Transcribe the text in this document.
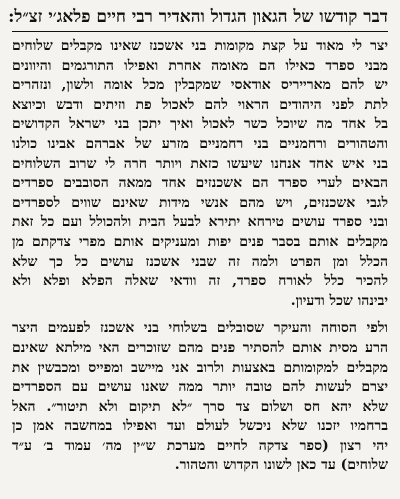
דבר קודשו של הגאון הגדול והאדיר רבי חיים פלאג׳י זצ״ל:
יצר לי מאוד על קצת מקומות בני אשכנז שאינו מקבלים שלוחים
מבני ספרד כאילו הם מאומה אחרת ואפילו התורגמים והיוונים
יש להם מארייריס אודאסי שמקבלין מכל אומה ולשון, ונזהרים
לתת לפני היהודים הראוי להם לאכול פת וזיתים ודבש וכיוצא
בל אחד מה שיוכל כשר לאכול ואיך יתכן בני ישראל הקדושים
והטהורים ורחמניים בני רחמניים מזרע של אברהם אבינו כולנו
בני איש אחד אנחנו שיעשו כזאת ויותר חרה לי שרוב השלוחים
הבאים לערי ספרד הם אשכנזים אחד ממאה הסובבים ספרדים
לגבי אשכנזים, ויש מהם אנשי מידות שאינם שווים לספרדים
ובני ספרד עושים טירחא יתירא לבעל הבית ולהכולל ועם כל זאת
מקבלים אותם בסבר פנים יפות ומעניקים אותם מפרי צדקתם מן
הכלל ומן הפרט ולמה זה שבני אשכנז עושים כל כך שלא
להכיר כלל לאורח ספרד, זה וודאי שאלה הפלא ופלא ולא
יבינהו שכל ודעיון.
ולפי הסוחה והעיקר שסובלים בשלוחי בני אשכנז לפעמים היצר
הרע מסית אותם להסתיר פנים מהם שזוכרים האי מילתא שאינם
מקבלים למקומותם באצעות ולרוב אני מיישב ומפייס ומכבשין את
יצרם לעשות להם טובה יותר ממה שאנו עושים עם הספרדים
שלא יהא חס ושלום צד סרך ״לא תיקום ולא תיטור״. האל
ברחמיו יזכנו שלא ניכשל לעולם ועד ואפילו במחשבה אמן כן
יהי רצון (ספר צדקה לחיים מערכת ש״ין מה׳ עמוד ב׳ ע״ד
שלוחים) עד כאן לשונו הקדוש והטהור.
